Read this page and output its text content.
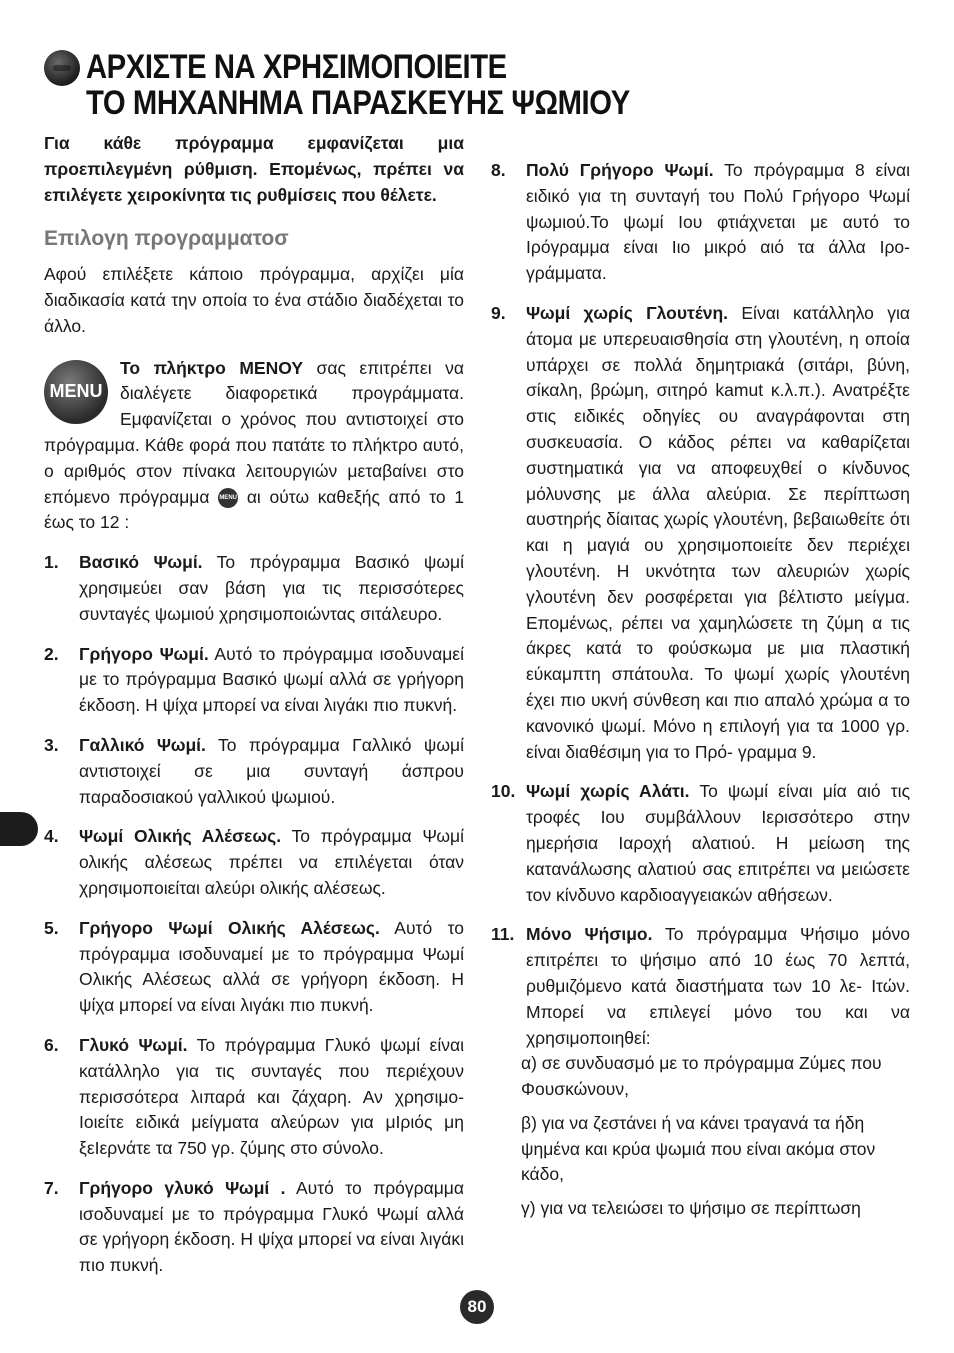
ΑΡΧΙΣΤΕ ΝΑ ΧΡΗΣΙΜΟΠΟΙΕΙΤΕ
ΤΟ ΜΗΧΑΝΗΜΑ ΠΑΡΑΣΚΕΥΗΣ ΨΩΜΙΟΥ

Για κάθε πρόγραμμα εμφανίζεται μια προεπιλεγμένη ρύθμιση. Επομένως, πρέπει να επιλέγετε χειροκίνητα τις ρυθμίσεις που θέλετε.

Επιλογη προγραμματοσ

Αφού επιλέξετε κάποιο πρόγραμμα, αρχίζει μία διαδικασία κατά την οποία το ένα στάδιο διαδέχεται το άλλο.

MENU
Το πλήκτρο ΜΕΝΟΥ σας επιτρέπει να διαλέγετε διαφορετικά προγράμματα. Εμφανίζεται ο χρόνος που αντιστοιχεί στο πρόγραμμα. Κάθε φορά που πατάτε το πλήκτρο αυτό, ο αριθμός στον πίνακα λειτουργιών μεταβαίνει στο επόμενο πρόγραμμα MENU αι ούτω καθεξής από το 1 έως το 12 :

1. Βασικό Ψωμί. Το πρόγραμμα Βασικό ψωμί χρησιμεύει σαν βάση για τις περισσότερες συνταγές ψωμιού χρησιμοποιώντας σιτάλευρο.

2. Γρήγορο Ψωμί. Αυτό το πρόγραμμα ισοδυναμεί με το πρόγραμμα Βασικό ψωμί αλλά σε γρήγορη έκδοση. Η ψίχα μπορεί να είναι λιγάκι πιο πυκνή.

3. Γαλλικό Ψωμί. Το πρόγραμμα Γαλλικό ψωμί αντιστοιχεί σε μια συνταγή άσπρου παραδοσιακού γαλλικού ψωμιού.

4. Ψωμί Ολικής Αλέσεως. Το πρόγραμμα Ψωμί ολικής αλέσεως πρέπει να επιλέγεται όταν χρησιμοποιείται αλεύρι ολικής αλέσεως.

5. Γρήγορο Ψωμί Ολικής Αλέσεως. Αυτό το πρόγραμμα ισοδυναμεί με το πρόγραμμα Ψωμί Ολικής Αλέσεως αλλά σε γρήγορη έκδοση. Η ψίχα μπορεί να είναι λιγάκι πιο πυκνή.

6. Γλυκό Ψωμί. Το πρόγραμμα Γλυκό ψωμί είναι κατάλληλο για τις συνταγές που περιέχουν περισσότερα λιπαρά και ζάχαρη. Αν χρησιμο- Ιοιείτε ειδικά μείγματα αλεύρων για μΙριός μη ξεΙερνάτε τα 750 γρ. ζύμης στο σύνολο.

7. Γρήγορο γλυκό Ψωμί . Αυτό το πρόγραμμα ισοδυναμεί με το πρόγραμμα Γλυκό Ψωμί αλλά σε γρήγορη έκδοση. Η ψίχα μπορεί να είναι λιγάκι πιο πυκνή.

8. Πολύ Γρήγορο Ψωμί. Το πρόγραμμα 8 είναι ειδικό για τη συνταγή του Πολύ Γρήγορο Ψωμί ψωμιού.Το ψωμί Ιου φτιάχνεται με αυτό το Ιρόγραμμα είναι Ιιο μικρό αιό τα άλλα Ιρο- γράμματα.

9. Ψωμί χωρίς Γλουτένη. Είναι κατάλληλο για άτομα με υπερευαισθησία στη γλουτένη, η οποία υπάρχει σε πολλά δημητριακά (σιτάρι, βύνη, σίκαλη, βρώμη, σιτηρό kamut κ.λ.π.). Ανατρέξτε στις ειδικές οδηγίες ου αναγράφονται στη συσκευασία. Ο κάδος ρέπει να καθαρίζεται συστηματικά για να αποφευχθεί ο κίνδυνος μόλυνσης με άλλα αλεύρια. Σε περίπτωση αυστηρής δίαιτας χωρίς γλουτένη, βεβαιωθείτε ότι και η μαγιά ου χρησιμοποιείτε δεν περιέχει γλουτένη. Η υκνότητα των αλευριών χωρίς γλουτένη δεν ροσφέρεται για βέλτιστο μείγμα. Επομένως, ρέπει να χαμηλώσετε τη ζύμη α τις άκρες κατά το φούσκωμα με μια πλαστική εύκαμπτη σπάτουλα. Το ψωμί χωρίς γλουτένη έχει πιο υκνή σύνθεση και πιο απαλό χρώμα α το κανονικό ψωμί. Μόνο η επιλογή για τα 1000 γρ. είναι διαθέσιμη για το Πρό- γραμμα 9.

10. Ψωμί χωρίς Αλάτι. Το ψωμί είναι μία αιό τις τροφές Ιου συμβάλλουν Ιερισσότερο στην ημερήσια Ιαροχή αλατιού. Η μείωση της κατανάλωσης αλατιού σας επιτρέπει να μειώσετε τον κίνδυνο καρδιοαγγειακών αθήσεων.

11. Μόνο Ψήσιμο. Το πρόγραμμα Ψήσιμο μόνο επιτρέπει το ψήσιμο από 10 έως 70 λεπτά, ρυθμιζόμενο κατά διαστήματα των 10 λε- Ιτών. Μπορεί να επιλεγεί μόνο του και να χρησιμοποιηθεί:

α) σε συνδυασμό με το πρόγραμμα Ζύμες που Φουσκώνουν,

β) για να ζεστάνει ή να κάνει τραγανά τα ήδη ψημένα και κρύα ψωμιά που είναι ακόμα στον κάδο,

γ) για να τελειώσει το ψήσιμο σε περίπτωση

80
